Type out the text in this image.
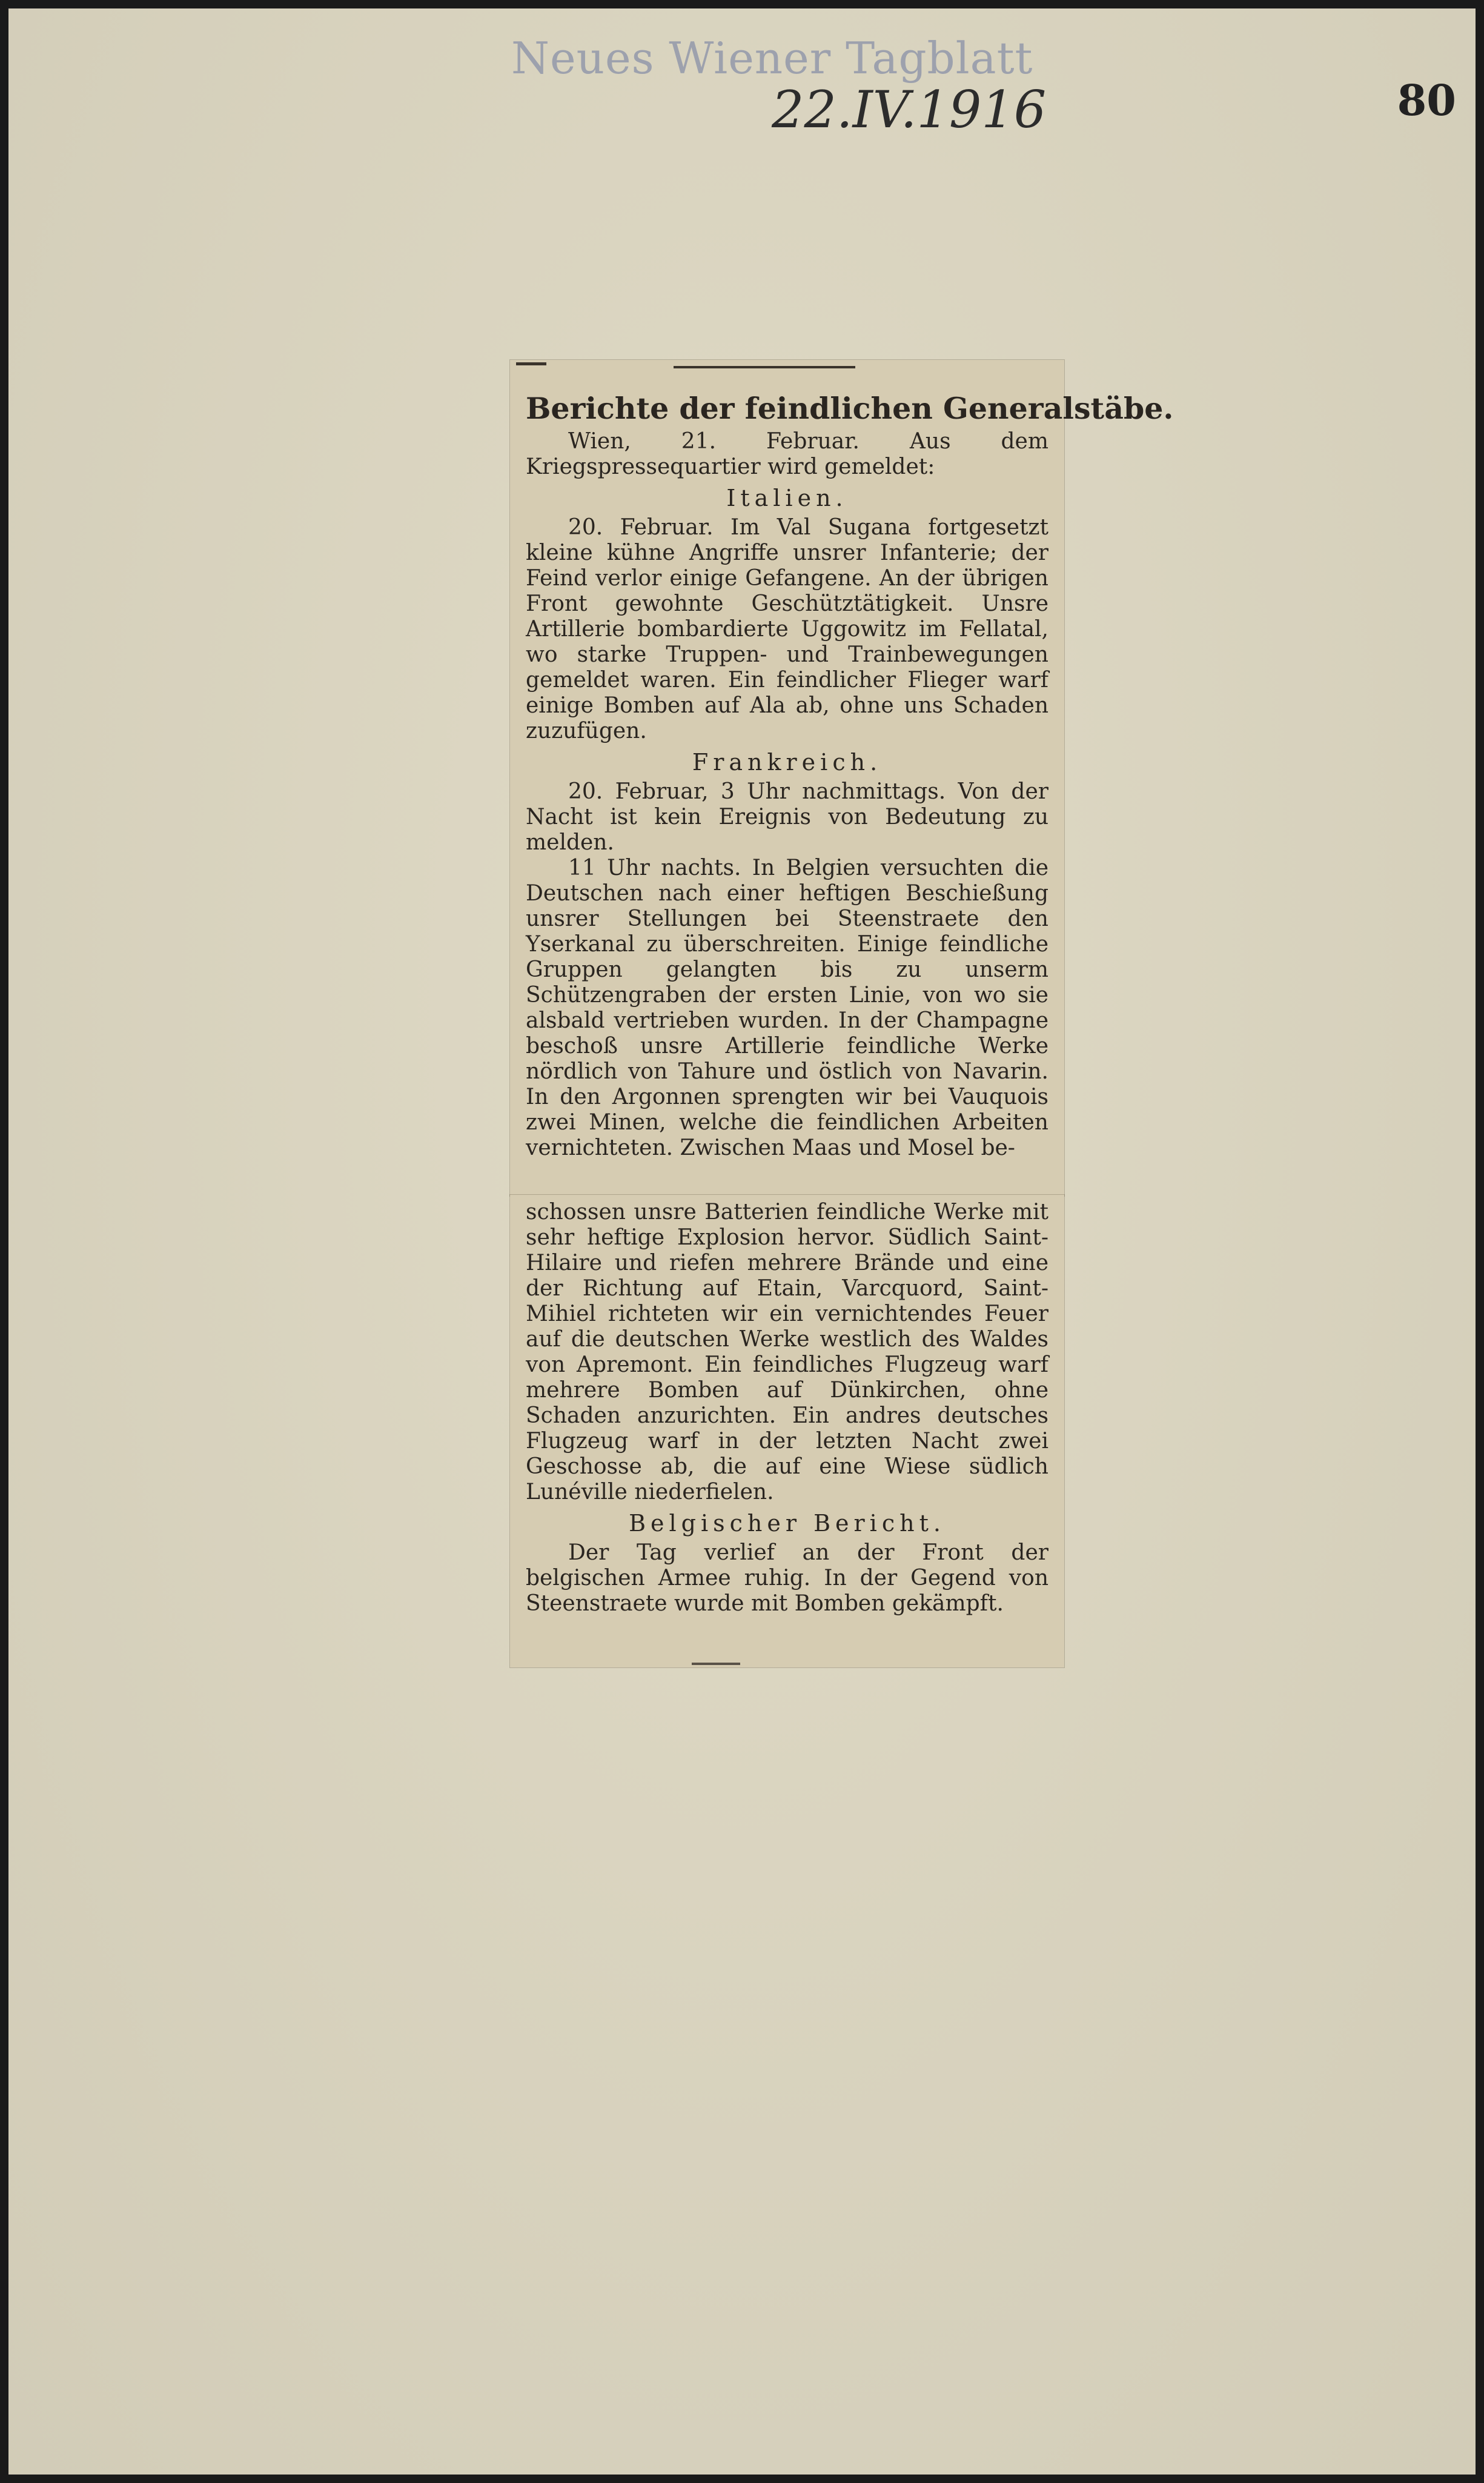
Neues Wiener Tagblatt
22.IV.1916	80
Berichte der feindlichen Generalstäbe.

Wien, 21. Februar. Aus dem Kriegspressequartier wird gemeldet:

Italien.

20. Februar. Im Val Sugana fortgesetzt kleine kühne Angriffe unsrer Infanterie; der Feind verlor einige Gefangene. An der übrigen Front gewohnte Geschütztätigkeit. Unsre Artillerie bombardierte Uggowitz im Fellatal, wo starke Truppen- und Trainbewegungen gemeldet waren. Ein feindlicher Flieger warf einige Bomben auf Ala ab, ohne uns Schaden zuzufügen.

Frankreich.

20. Februar, 3 Uhr nachmittags. Von der Nacht ist kein Ereignis von Bedeutung zu melden.

11 Uhr nachts. In Belgien versuchten die Deutschen nach einer heftigen Beschießung unsrer Stellungen bei Steenstraete den Yserkanal zu überschreiten. Einige feindliche Gruppen gelangten bis zu unserm Schützengraben der ersten Linie, von wo sie alsbald vertrieben wurden. In der Champagne beschoß unsre Artillerie feindliche Werke nördlich von Tahure und östlich von Navarin. In den Argonnen sprengten wir bei Vauquois zwei Minen, welche die feindlichen Arbeiten vernichteten. Zwischen Maas und Mosel be-

schossen unsre Batterien feindliche Werke mit sehr heftige Explosion hervor. Südlich Saint-Hilaire und riefen mehrere Brände und eine der Richtung auf Etain, Varcquord, Saint-Mihiel richteten wir ein vernichtendes Feuer auf die deutschen Werke westlich des Waldes von Apremont. Ein feindliches Flugzeug warf mehrere Bomben auf Dünkirchen, ohne Schaden anzurichten. Ein andres deutsches Flugzeug warf in der letzten Nacht zwei Geschosse ab, die auf eine Wiese südlich Lunéville niederfielen.

Belgischer Bericht.

Der Tag verlief an der Front der belgischen Armee ruhig. In der Gegend von Steenstraete wurde mit Bomben gekämpft.
